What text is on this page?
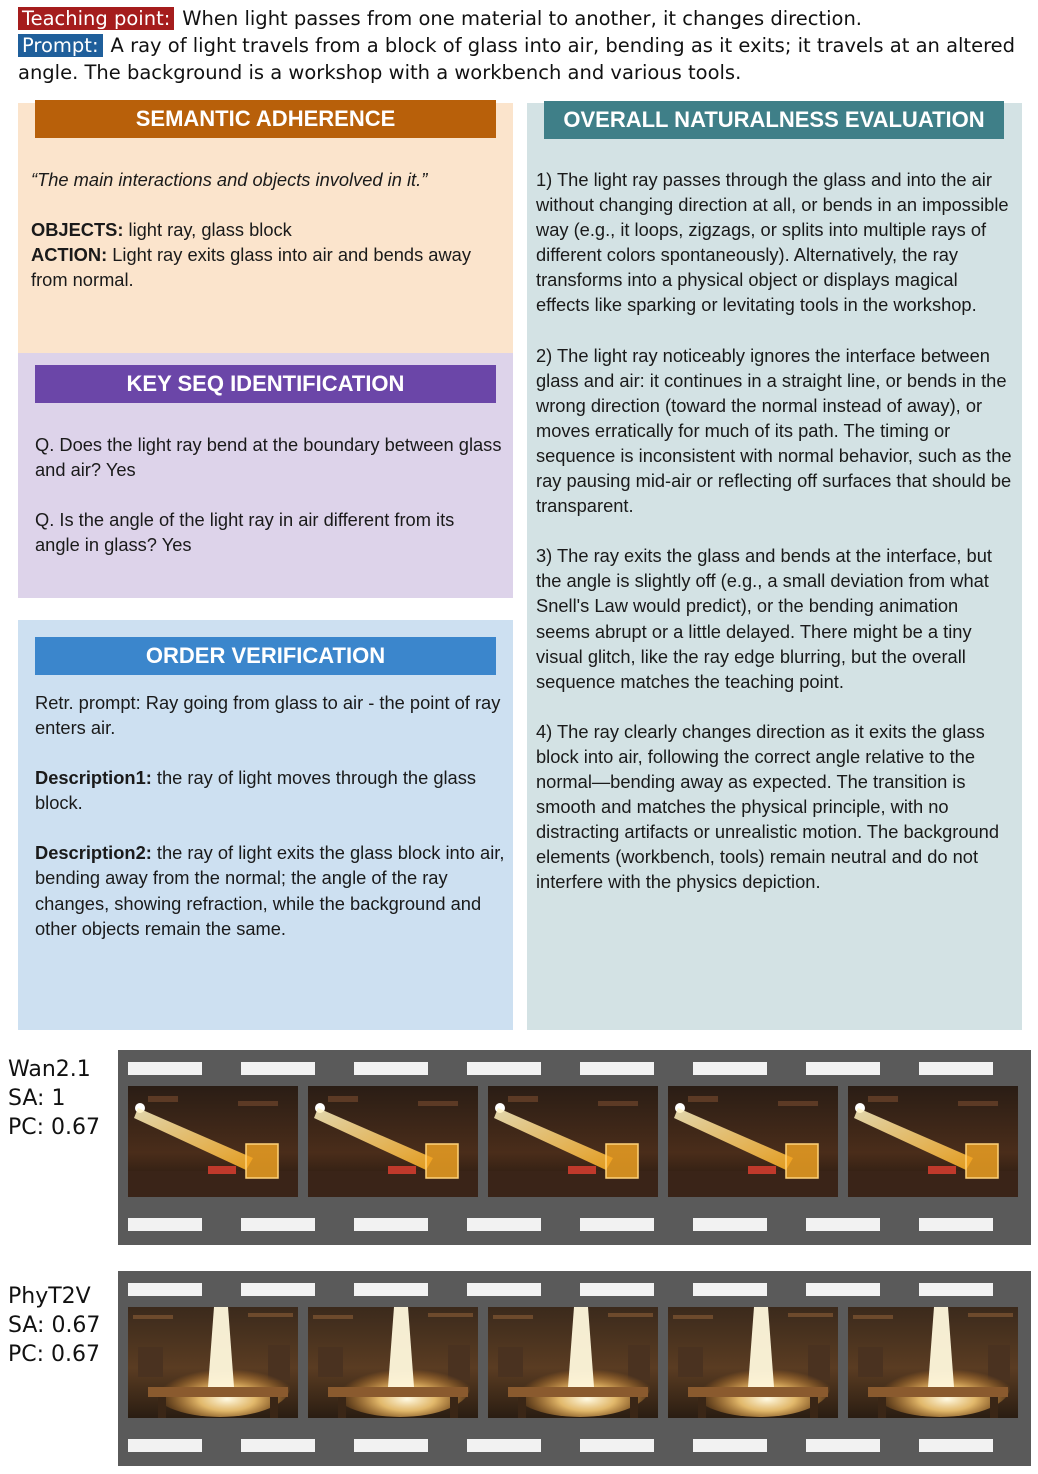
Teaching point: When light passes from one material to another, it changes direction.
Prompt: A ray of light travels from a block of glass into air, bending as it exits; it travels at an altered angle. The background is a workshop with a workbench and various tools.
SEMANTIC ADHERENCE
KEY SEQ IDENTIFICATION
ORDER VERIFICATION
OVERALL NATURALNESS EVALUATION

“The main interactions and objects involved in it.”

OBJECTS: light ray, glass block
ACTION: Light ray exits glass into air and bends away from normal.

Q. Does the light ray bend at the boundary between glass and air? Yes

Q. Is the angle of the light ray in air different from its angle in glass? Yes

Retr. prompt: Ray going from glass to air - the point of ray enters air.

Description1: the ray of light moves through the glass block.

Description2: the ray of light exits the glass block into air, bending away from the normal; the angle of the ray changes, showing refraction, while the background and other objects remain the same.

1) The light ray passes through the glass and into the air without changing direction at all, or bends in an impossible way (e.g., it loops, zigzags, or splits into multiple rays of different colors spontaneously). Alternatively, the ray transforms into a physical object or displays magical effects like sparking or levitating tools in the workshop.

2) The light ray noticeably ignores the interface between glass and air: it continues in a straight line, or bends in the wrong direction (toward the normal instead of away), or moves erratically for much of its path. The timing or sequence is inconsistent with normal behavior, such as the ray pausing mid-air or reflecting off surfaces that should be transparent.

3) The ray exits the glass and bends at the interface, but the angle is slightly off (e.g., a small deviation from what Snell's Law would predict), or the bending animation seems abrupt or a little delayed. There might be a tiny visual glitch, like the ray edge blurring, but the overall sequence matches the teaching point.

4) The ray clearly changes direction as it exits the glass block into air, following the correct angle relative to the normal—bending away as expected. The transition is smooth and matches the physical principle, with no distracting artifacts or unrealistic motion. The background elements (workbench, tools) remain neutral and do not interfere with the physics depiction.

Wan2.1
SA: 1
PC: 0.67
PhyT2V
SA: 0.67
PC: 0.67
